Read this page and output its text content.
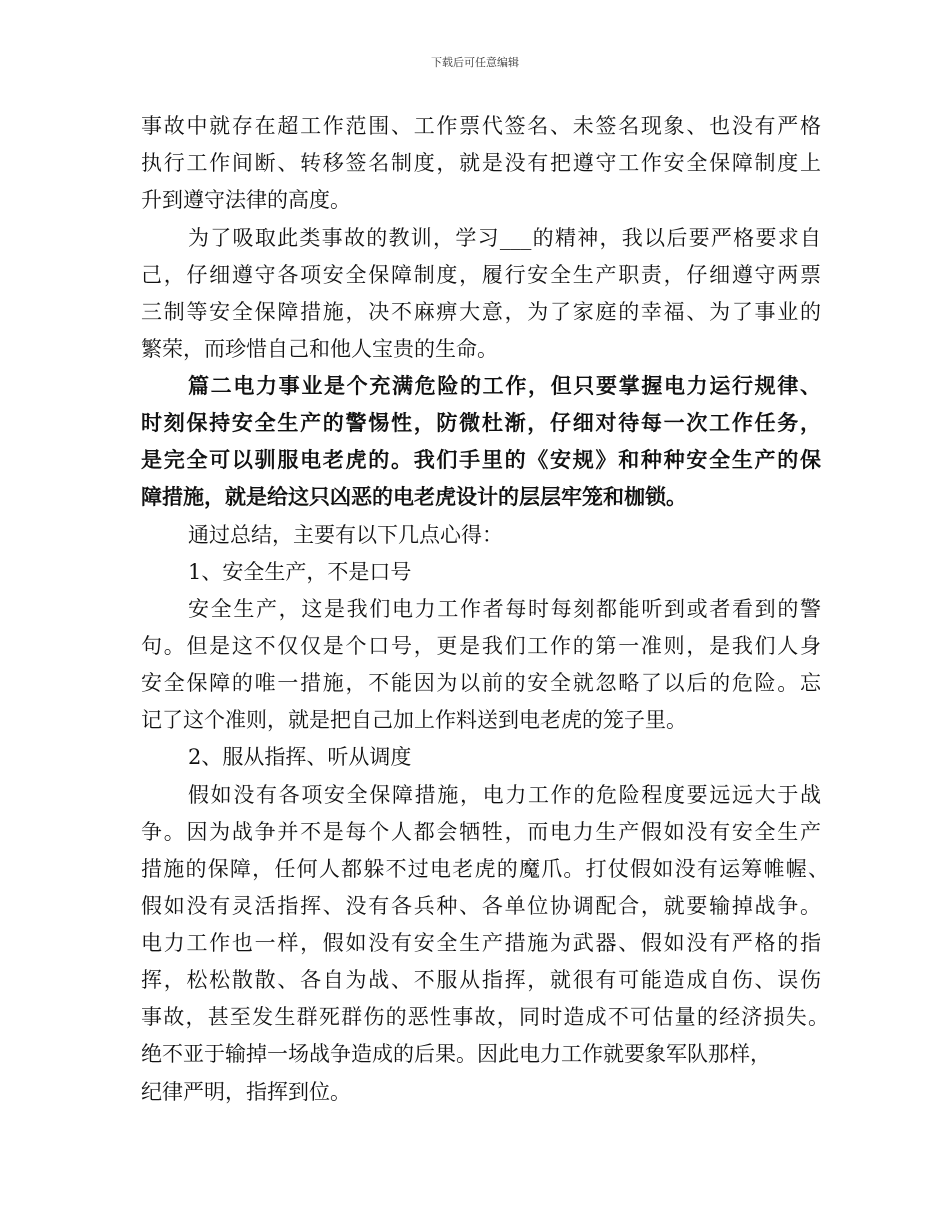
下载后可任意编辑
事故中就存在超工作范围、工作票代签名、未签名现象、也没有严格
执行工作间断、转移签名制度，就是没有把遵守工作安全保障制度上
升到遵守法律的高度。
为了吸取此类事故的教训，学习___的精神，我以后要严格要求自
己，仔细遵守各项安全保障制度，履行安全生产职责，仔细遵守两票
三制等安全保障措施，决不麻痹大意，为了家庭的幸福、为了事业的
繁荣，而珍惜自己和他人宝贵的生命。
篇二电力事业是个充满危险的工作，但只要掌握电力运行规律、
时刻保持安全生产的警惕性，防微杜渐，仔细对待每一次工作任务，
是完全可以驯服电老虎的。我们手里的《安规》和种种安全生产的保
障措施，就是给这只凶恶的电老虎设计的层层牢笼和枷锁。
通过总结，主要有以下几点心得：
1、安全生产，不是口号
安全生产，这是我们电力工作者每时每刻都能听到或者看到的警
句。但是这不仅仅是个口号，更是我们工作的第一准则，是我们人身
安全保障的唯一措施，不能因为以前的安全就忽略了以后的危险。忘
记了这个准则，就是把自己加上作料送到电老虎的笼子里。
2、服从指挥、听从调度
假如没有各项安全保障措施，电力工作的危险程度要远远大于战
争。因为战争并不是每个人都会牺牲，而电力生产假如没有安全生产
措施的保障，任何人都躲不过电老虎的魔爪。打仗假如没有运筹帷幄、
假如没有灵活指挥、没有各兵种、各单位协调配合，就要输掉战争。
电力工作也一样，假如没有安全生产措施为武器、假如没有严格的指
挥，松松散散、各自为战、不服从指挥，就很有可能造成自伤、误伤
事故，甚至发生群死群伤的恶性事故，同时造成不可估量的经济损失。
绝不亚于输掉一场战争造成的后果。因此电力工作就要象军队那样，
纪律严明，指挥到位。
